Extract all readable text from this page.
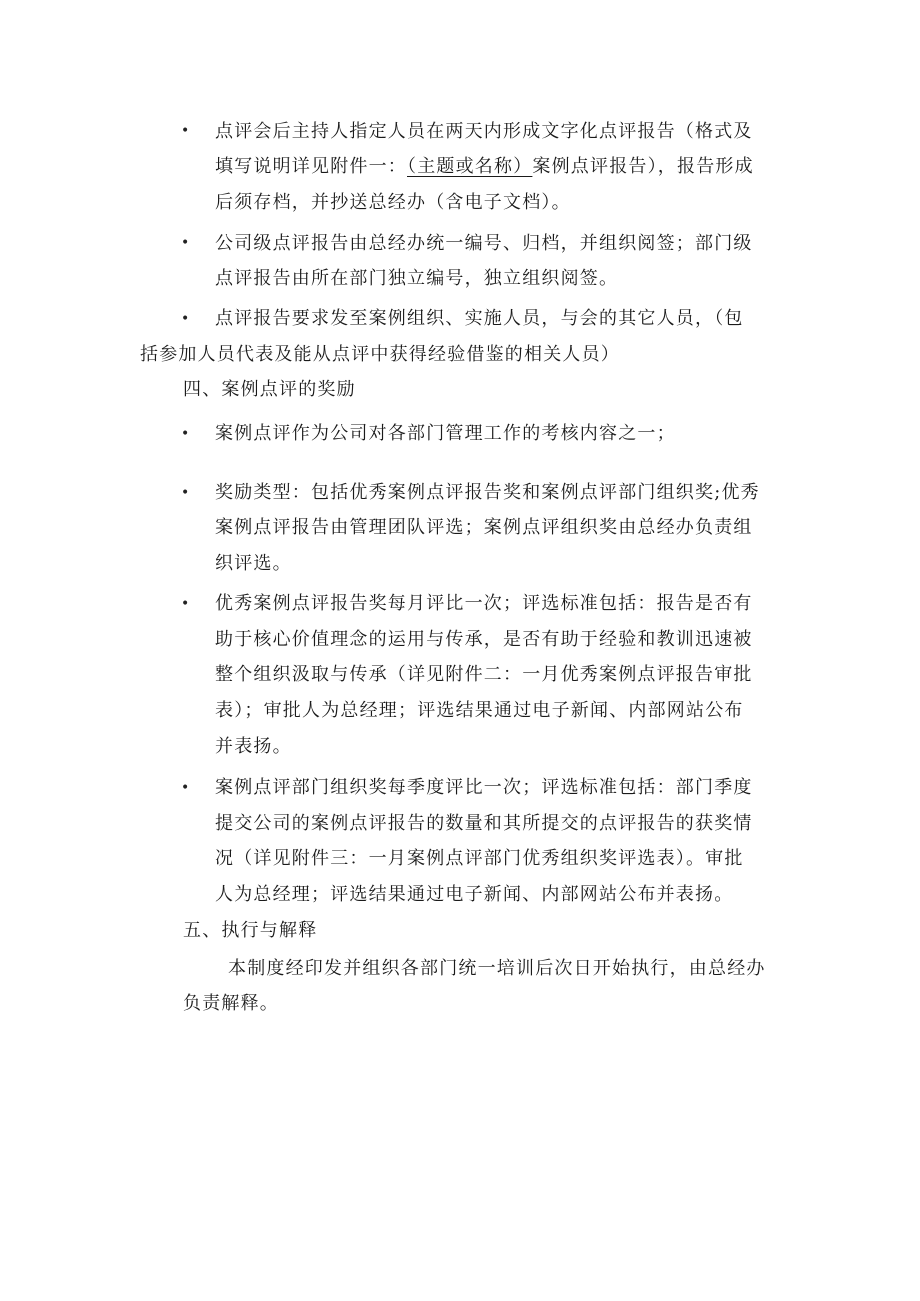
• 点评会后主持人指定人员在两天内形成文字化点评报告（格式及
填写说明详见附件一：（主题或名称）案例点评报告），报告形成
后须存档，并抄送总经办（含电子文档）。
• 公司级点评报告由总经办统一编号、归档，并组织阅签；部门级
点评报告由所在部门独立编号，独立组织阅签。
• 点评报告要求发至案例组织、实施人员，与会的其它人员，（包
括参加人员代表及能从点评中获得经验借鉴的相关人员）
四、案例点评的奖励
• 案例点评作为公司对各部门管理工作的考核内容之一；
• 奖励类型：包括优秀案例点评报告奖和案例点评部门组织奖;优秀
案例点评报告由管理团队评选；案例点评组织奖由总经办负责组
织评选。
• 优秀案例点评报告奖每月评比一次；评选标准包括：报告是否有
助于核心价值理念的运用与传承，是否有助于经验和教训迅速被
整个组织汲取与传承（详见附件二：一月优秀案例点评报告审批
表）；审批人为总经理；评选结果通过电子新闻、内部网站公布
并表扬。
• 案例点评部门组织奖每季度评比一次；评选标准包括：部门季度
提交公司的案例点评报告的数量和其所提交的点评报告的获奖情
况（详见附件三：一月案例点评部门优秀组织奖评选表）。审批
人为总经理；评选结果通过电子新闻、内部网站公布并表扬。
五、执行与解释
本制度经印发并组织各部门统一培训后次日开始执行，由总经办
负责解释。
